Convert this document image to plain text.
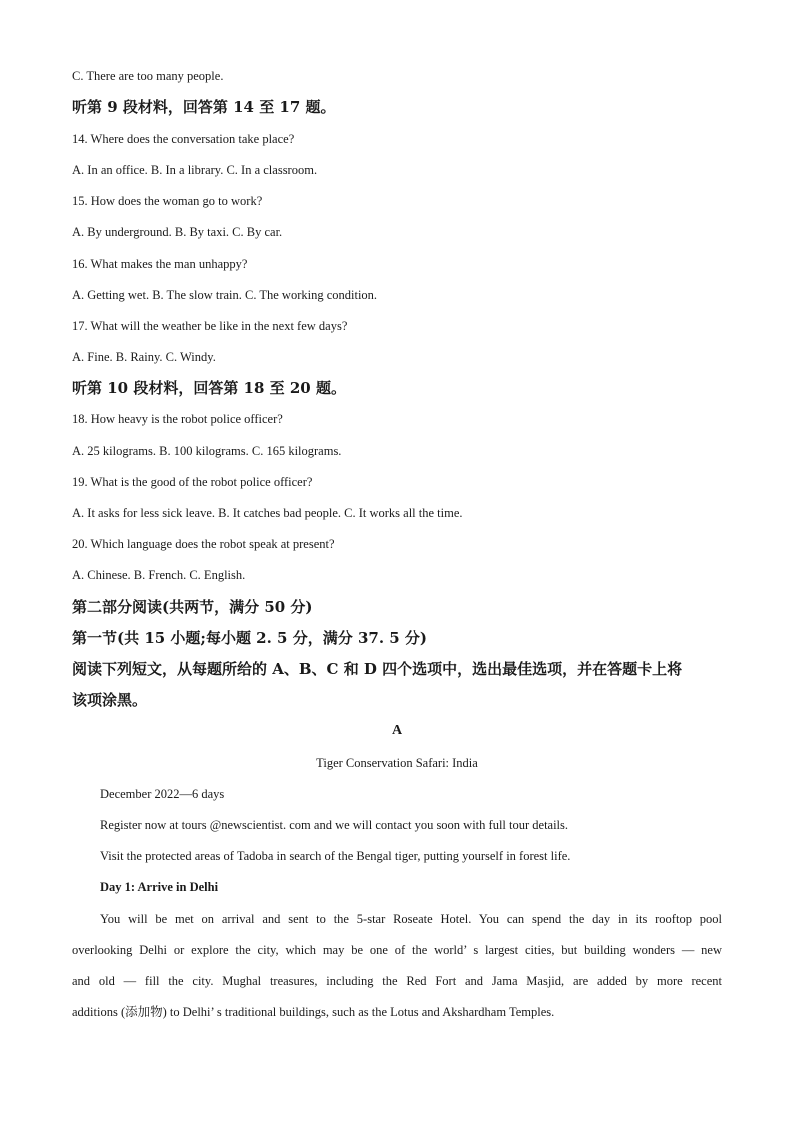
C. There are too many people.
听第 9 段材料，回答第 14 至 17 题。
14. Where does the conversation take place?
A. In an office. B. In a library. C. In a classroom.
15. How does the woman go to work?
A. By underground. B. By taxi. C. By car.
16. What makes the man unhappy?
A. Getting wet. B. The slow train. C. The working condition.
17. What will the weather be like in the next few days?
A. Fine. B. Rainy. C. Windy.
听第 10 段材料，回答第 18 至 20 题。
18. How heavy is the robot police officer?
A. 25 kilograms. B. 100 kilograms. C. 165 kilograms.
19. What is the good of the robot police officer?
A. It asks for less sick leave. B. It catches bad people. C. It works all the time.
20. Which language does the robot speak at present?
A. Chinese. B. French. C. English.
第二部分阅读(共两节，满分 50 分)
第一节(共 15 小题;每小题 2. 5 分，满分 37. 5 分)
阅读下列短文，从每题所给的 A、B、C 和 D 四个选项中，选出最佳选项，并在答题卡上将
该项涂黑。
A
Tiger Conservation Safari: India
December 2022—6 days
Register now at tours @newscientist. com and we will contact you soon with full tour details.
Visit the protected areas of Tadoba in search of the Bengal tiger, putting yourself in forest life.
Day 1: Arrive in Delhi
You will be met on arrival and sent to the 5-star Roseate Hotel. You can spend the day in its rooftop pool
overlooking Delhi or explore the city, which may be one of the world’ s largest cities, but building wonders — new
and old — fill the city. Mughal treasures, including the Red Fort and Jama Masjid, are added by more recent
additions (添加物) to Delhi’ s traditional buildings, such as the Lotus and Akshardham Temples.
